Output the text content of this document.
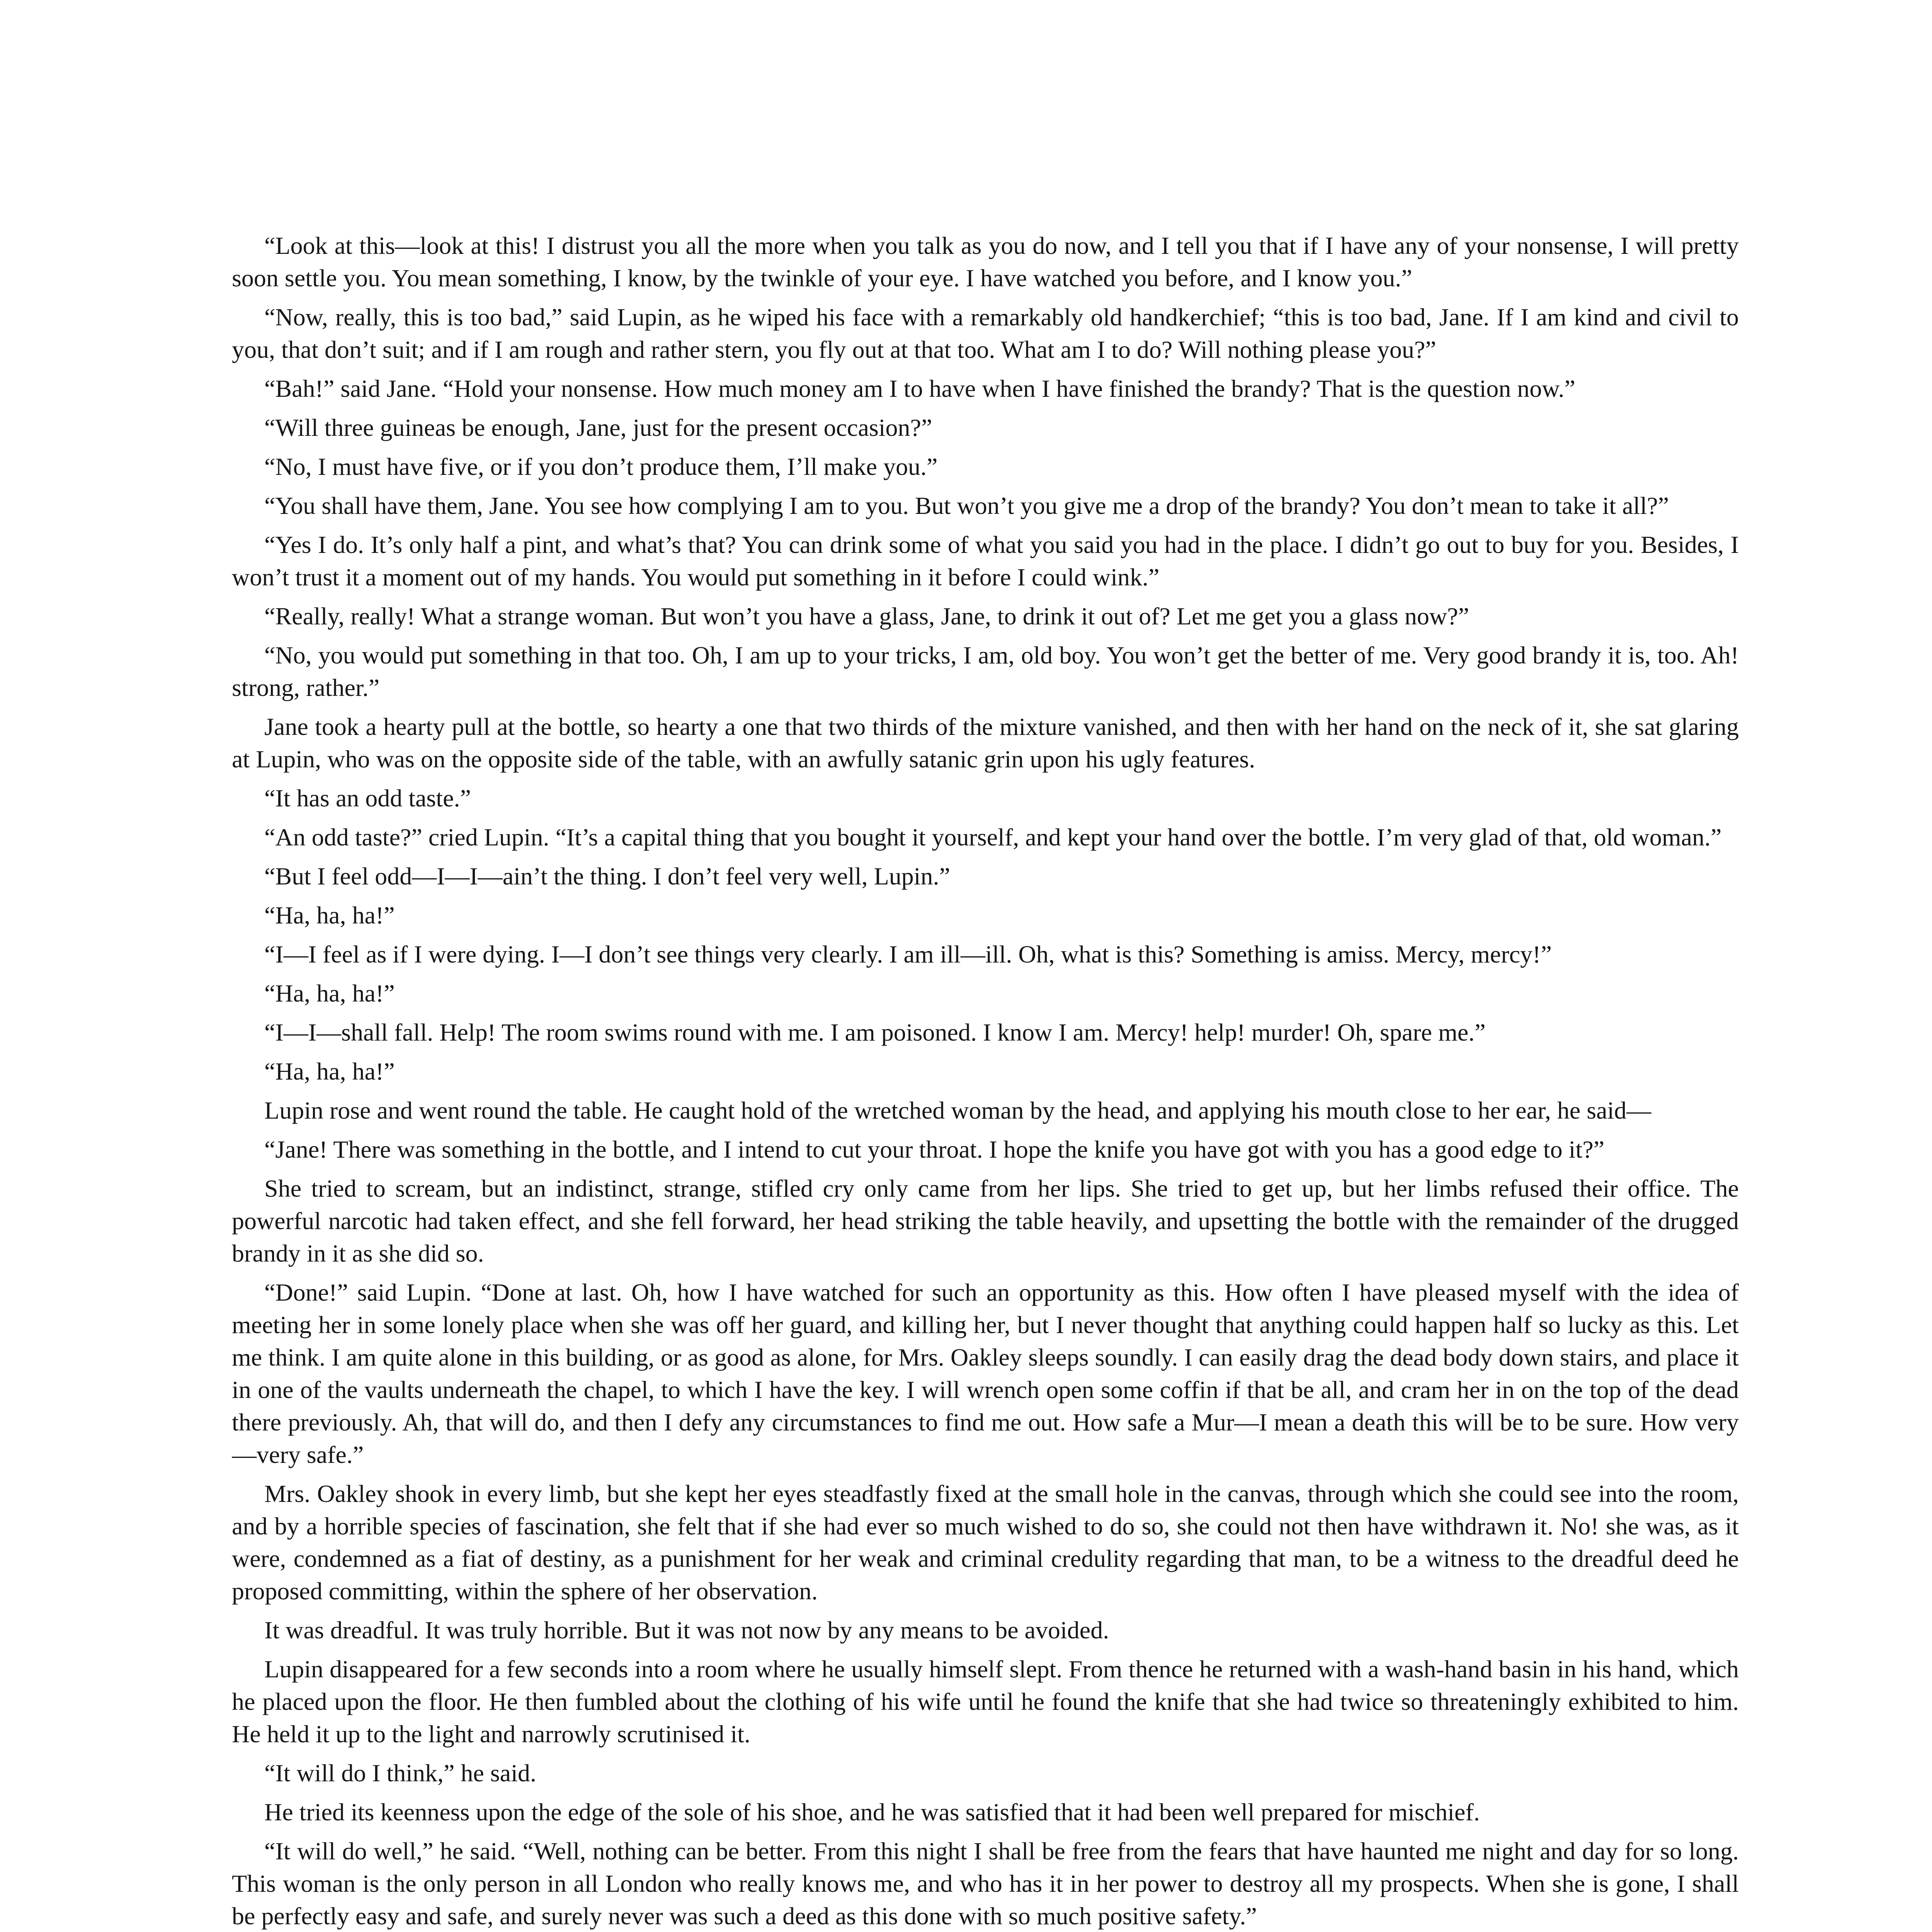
“Look at this—look at this! I distrust you all the more when you talk as you do now, and I tell you that if I have any of your nonsense, I will pretty soon settle you. You mean something, I know, by the twinkle of your eye. I have watched you before, and I know you.”

“Now, really, this is too bad,” said Lupin, as he wiped his face with a remarkably old handkerchief; “this is too bad, Jane. If I am kind and civil to you, that don’t suit; and if I am rough and rather stern, you fly out at that too. What am I to do? Will nothing please you?”

“Bah!” said Jane. “Hold your nonsense. How much money am I to have when I have finished the brandy? That is the question now.”

“Will three guineas be enough, Jane, just for the present occasion?”

“No, I must have five, or if you don’t produce them, I’ll make you.”

“You shall have them, Jane. You see how complying I am to you. But won’t you give me a drop of the brandy? You don’t mean to take it all?”

“Yes I do. It’s only half a pint, and what’s that? You can drink some of what you said you had in the place. I didn’t go out to buy for you. Besides, I won’t trust it a moment out of my hands. You would put something in it before I could wink.”

“Really, really! What a strange woman. But won’t you have a glass, Jane, to drink it out of? Let me get you a glass now?”

“No, you would put something in that too. Oh, I am up to your tricks, I am, old boy. You won’t get the better of me. Very good brandy it is, too. Ah! strong, rather.”

Jane took a hearty pull at the bottle, so hearty a one that two thirds of the mixture vanished, and then with her hand on the neck of it, she sat glaring at Lupin, who was on the opposite side of the table, with an awfully satanic grin upon his ugly features.

“It has an odd taste.”

“An odd taste?” cried Lupin. “It’s a capital thing that you bought it yourself, and kept your hand over the bottle. I’m very glad of that, old woman.”

“But I feel odd—I—I—ain’t the thing. I don’t feel very well, Lupin.”

“Ha, ha, ha!”

“I—I feel as if I were dying. I—I don’t see things very clearly. I am ill—ill. Oh, what is this? Something is amiss. Mercy, mercy!”

“Ha, ha, ha!”

“I—I—shall fall. Help! The room swims round with me. I am poisoned. I know I am. Mercy! help! murder! Oh, spare me.”

“Ha, ha, ha!”

Lupin rose and went round the table. He caught hold of the wretched woman by the head, and applying his mouth close to her ear, he said—

“Jane! There was something in the bottle, and I intend to cut your throat. I hope the knife you have got with you has a good edge to it?”

She tried to scream, but an indistinct, strange, stifled cry only came from her lips. She tried to get up, but her limbs refused their office. The powerful narcotic had taken effect, and she fell forward, her head striking the table heavily, and upsetting the bottle with the remainder of the drugged brandy in it as she did so.

“Done!” said Lupin. “Done at last. Oh, how I have watched for such an opportunity as this. How often I have pleased myself with the idea of meeting her in some lonely place when she was off her guard, and killing her, but I never thought that anything could happen half so lucky as this. Let me think. I am quite alone in this building, or as good as alone, for Mrs. Oakley sleeps soundly. I can easily drag the dead body down stairs, and place it in one of the vaults underneath the chapel, to which I have the key. I will wrench open some coffin if that be all, and cram her in on the top of the dead there previously. Ah, that will do, and then I defy any circumstances to find me out. How safe a Mur—I mean a death this will be to be sure. How very—very safe.”

Mrs. Oakley shook in every limb, but she kept her eyes steadfastly fixed at the small hole in the canvas, through which she could see into the room, and by a horrible species of fascination, she felt that if she had ever so much wished to do so, she could not then have withdrawn it. No! she was, as it were, condemned as a fiat of destiny, as a punishment for her weak and criminal credulity regarding that man, to be a witness to the dreadful deed he proposed committing, within the sphere of her observation.

It was dreadful. It was truly horrible. But it was not now by any means to be avoided.

Lupin disappeared for a few seconds into a room where he usually himself slept. From thence he returned with a wash-hand basin in his hand, which he placed upon the floor. He then fumbled about the clothing of his wife until he found the knife that she had twice so threateningly exhibited to him. He held it up to the light and narrowly scrutinised it.

“It will do I think,” he said.

He tried its keenness upon the edge of the sole of his shoe, and he was satisfied that it had been well prepared for mischief.

“It will do well,” he said. “Well, nothing can be better. From this night I shall be free from the fears that have haunted me night and day for so long. This woman is the only person in all London who really knows me, and who has it in her power to destroy all my prospects. When she is gone, I shall be perfectly easy and safe, and surely never was such a deed as this done with so much positive safety.”
